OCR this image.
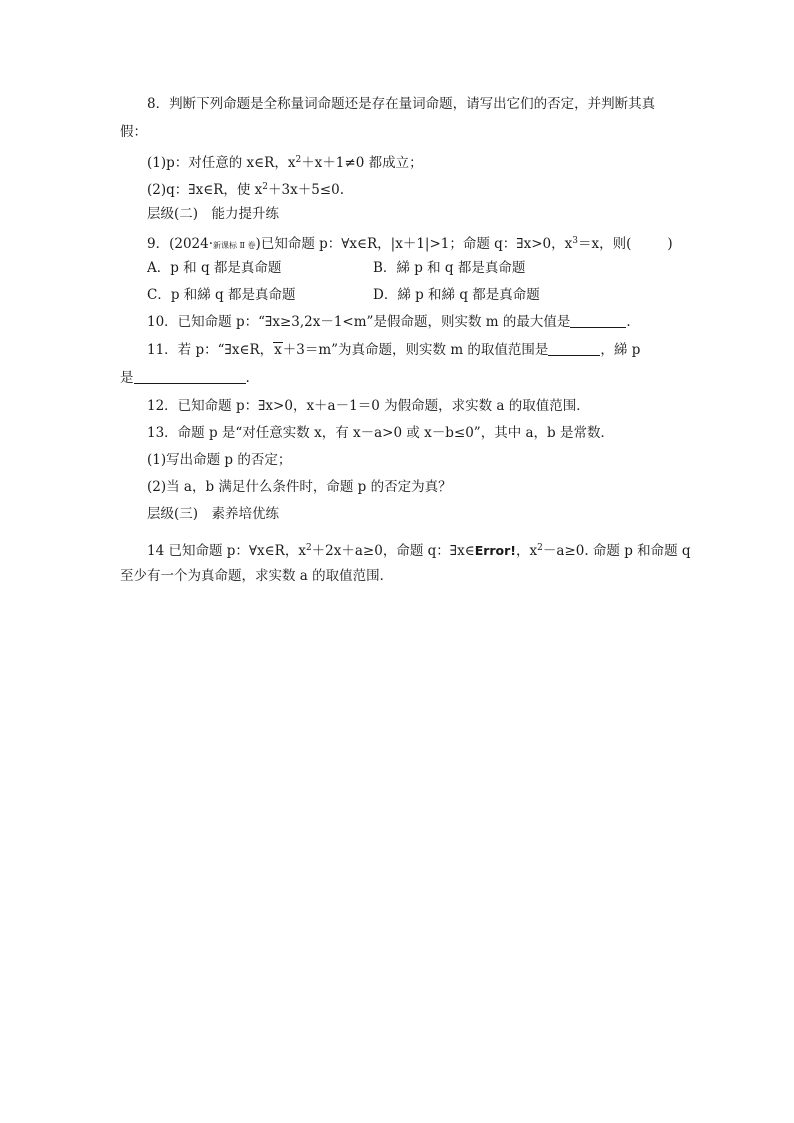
8．判断下列命题是全称量词命题还是存在量词命题，请写出它们的否定，并判断其真
假：
(1)p：对任意的 x∈R，$x^2+x+1\ne 0$ 都成立；
(2)q：∃x∈R，使 $x^2+3x+5\le 0$.
层级(二)　能力提升练
9．(2024·新课标 Ⅱ 卷)已知命题 p：∀x∈R，|x＋1|>1；命题 q：∃x>0，$x^3=x$，则(	)
A．p 和 q 都是真命题	B．綈 p 和 q 都是真命题
C．p 和綈 q 都是真命题	D．綈 p 和綈 q 都是真命题
10．已知命题 p：“∃x≥3,2x－1<m”是假命题，则实数 m 的最大值是	.
11．若 p：“∃x∈R，x＋3＝m”为真命题，则实数 m 的取值范围是	，綈 p
是	.
12．已知命题 p：∃x>0，x＋a－1＝0 为假命题，求实数 a 的取值范围．
13．命题 p 是“对任意实数 x，有 x－a>0 或 x－b≤0”，其中 a，b 是常数．
(1)写出命题 p 的否定；
(2)当 a，b 满足什么条件时，命题 p 的否定为真？
层级(三)　素养培优练
14 已知命题 p：∀x∈R，$x^2+2x+a\ge 0$，命题 q：∃x∈Error!，$x^2-a\ge 0$. 命题 p 和命题 q
至少有一个为真命题，求实数 a 的取值范围．
